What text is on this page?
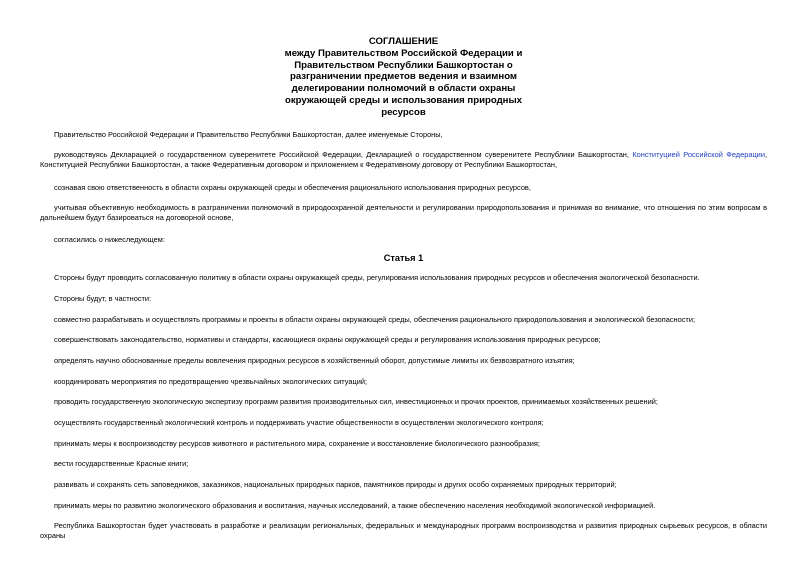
СОГЛАШЕНИЕ
между Правительством Российской Федерации и
Правительством Республики Башкортостан о
разграничении предметов ведения и взаимном
делегировании полномочий в области охраны
окружающей среды и использования природных
ресурсов
Правительство Российской Федерации и Правительство Республики Башкортостан, далее именуемые Стороны,
руководствуясь Декларацией о государственном суверенитете Российской Федерации, Декларацией о государственном суверенитете Республики Башкортостан, Конституцией Российской Федерации, Конституцией Республики Башкортостан, а также Федеративным договором и приложением к Федеративному договору от Республики Башкортостан,
сознавая свою ответственность в области охраны окружающей среды и обеспечения рационального использования природных ресурсов,
учитывая объективную необходимость в разграничении полномочий в природоохранной деятельности и регулировании природопользования и принимая во внимание, что отношения по этим вопросам в дальнейшем будут базироваться на договорной основе,
согласились о нижеследующем:
Статья 1
Стороны будут проводить согласованную политику в области охраны окружающей среды, регулирования использования природных ресурсов и обеспечения экологической безопасности.
Стороны будут, в частности:
совместно разрабатывать и осуществлять программы и проекты в области охраны окружающей среды, обеспечения рационального природопользования и экологической безопасности;
совершенствовать законодательство, нормативы и стандарты, касающиеся охраны окружающей среды и регулирования использования природных ресурсов;
определять научно обоснованные пределы вовлечения природных ресурсов в хозяйственный оборот, допустимые лимиты их безвозвратного изъятия;
координировать мероприятия по предотвращению чрезвычайных экологических ситуаций;
проводить государственную экологическую экспертизу программ развития производительных сил, инвестиционных и прочих проектов, принимаемых хозяйственных решений;
осуществлять государственный экологический контроль и поддерживать участие общественности в осуществлении экологического контроля;
принимать меры к воспроизводству ресурсов животного и растительного мира, сохранение и восстановление биологического разнообразия;
вести государственные Красные книги;
развивать и сохранять сеть заповедников, заказников, национальных природных парков, памятников природы и других особо охраняемых природных территорий;
принимать меры по развитию экологического образования и воспитания, научных исследований, а также обеспечению населения необходимой экологической информацией.
Республика Башкортостан будет участвовать в разработке и реализации региональных, федеральных и международных программ воспроизводства и развития природных сырьевых ресурсов, в области охраны
